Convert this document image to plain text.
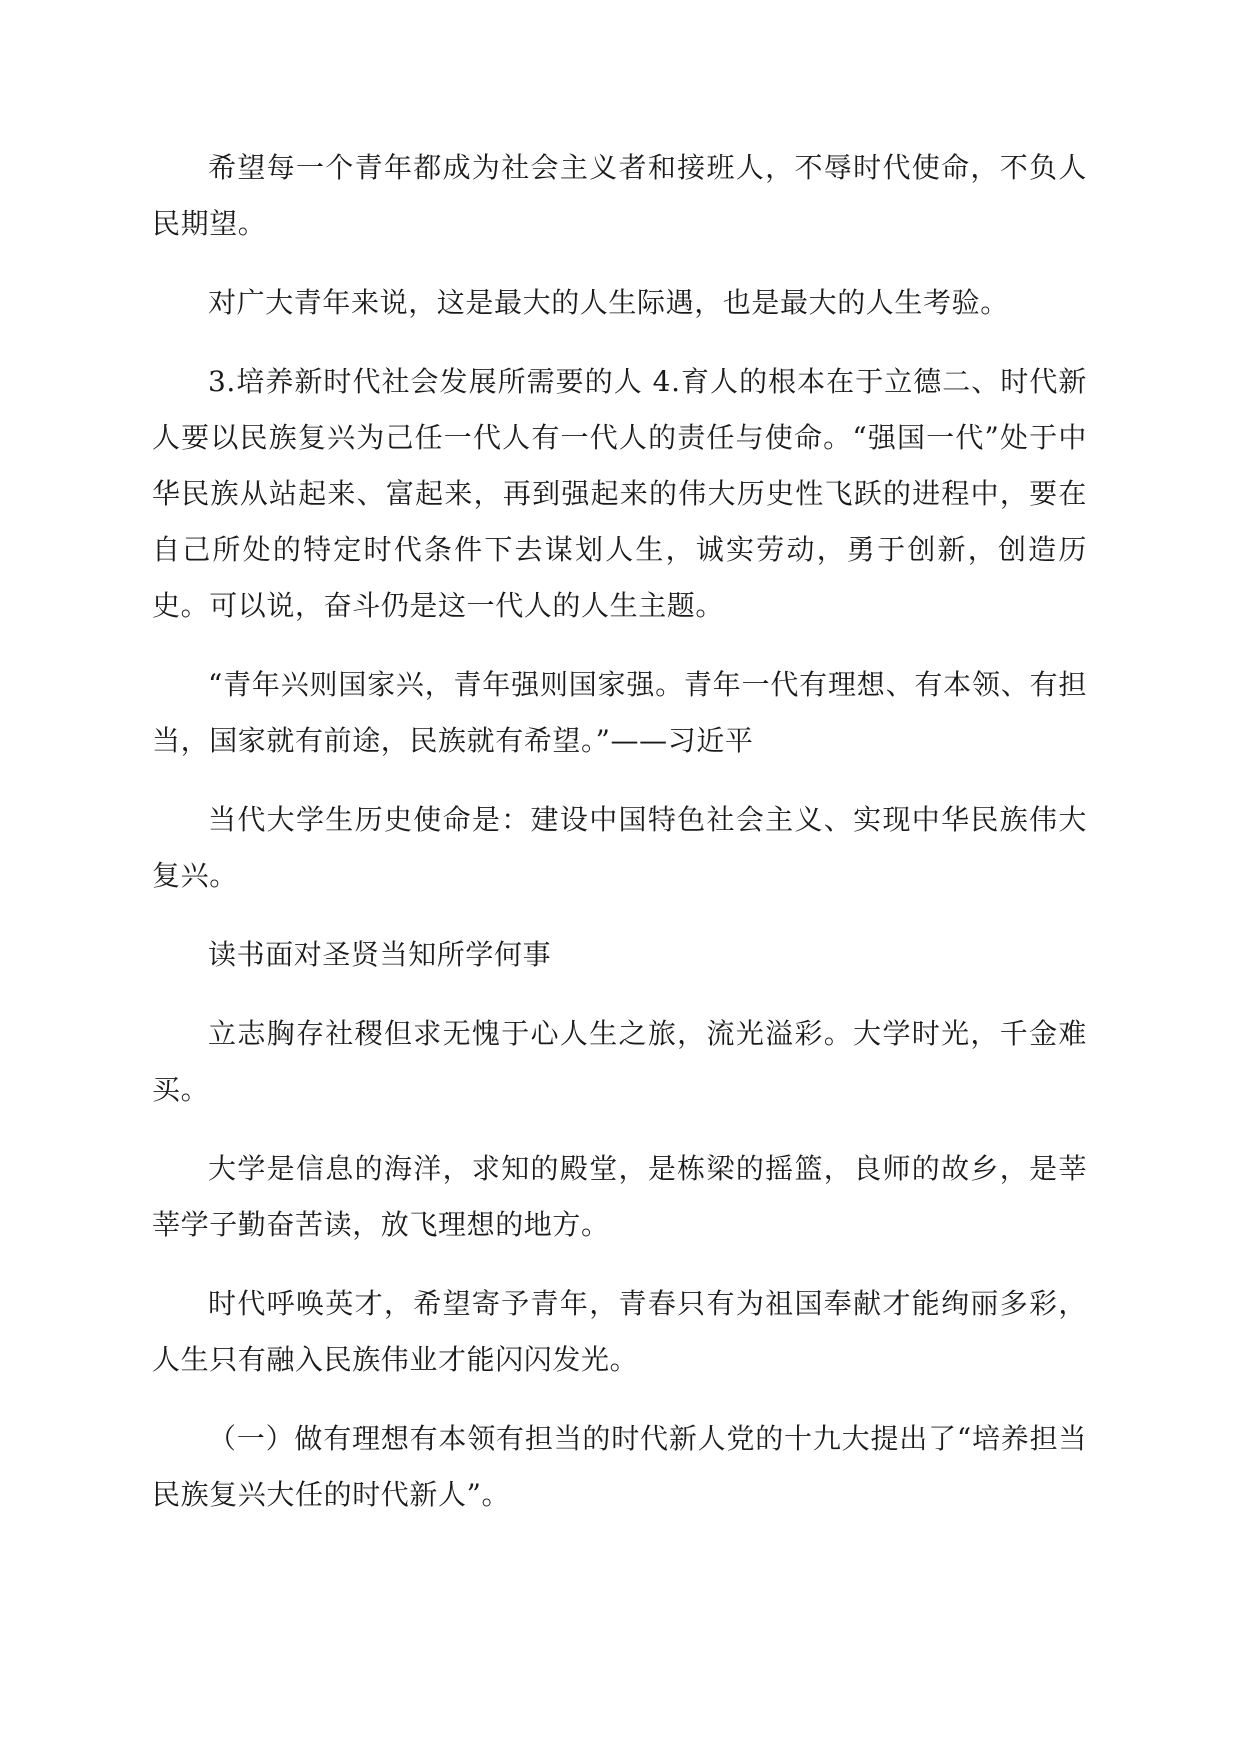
希望每一个青年都成为社会主义者和接班人，不辱时代使命，不负人民期望。

对广大青年来说，这是最大的人生际遇，也是最大的人生考验。

3.培养新时代社会发展所需要的人 4.育人的根本在于立德二、时代新人要以民族复兴为己任一代人有一代人的责任与使命。“强国一代”处于中华民族从站起来、富起来，再到强起来的伟大历史性飞跃的进程中，要在自己所处的特定时代条件下去谋划人生，诚实劳动，勇于创新，创造历史。可以说，奋斗仍是这一代人的人生主题。

“青年兴则国家兴，青年强则国家强。青年一代有理想、有本领、有担当，国家就有前途，民族就有希望。”——习近平

当代大学生历史使命是：建设中国特色社会主义、实现中华民族伟大复兴。

读书面对圣贤当知所学何事

立志胸存社稷但求无愧于心人生之旅，流光溢彩。大学时光，千金难买。

大学是信息的海洋，求知的殿堂，是栋梁的摇篮，良师的故乡，是莘莘学子勤奋苦读，放飞理想的地方。

时代呼唤英才，希望寄予青年，青春只有为祖国奉献才能绚丽多彩，人生只有融入民族伟业才能闪闪发光。

（一）做有理想有本领有担当的时代新人党的十九大提出了“培养担当民族复兴大任的时代新人”。
